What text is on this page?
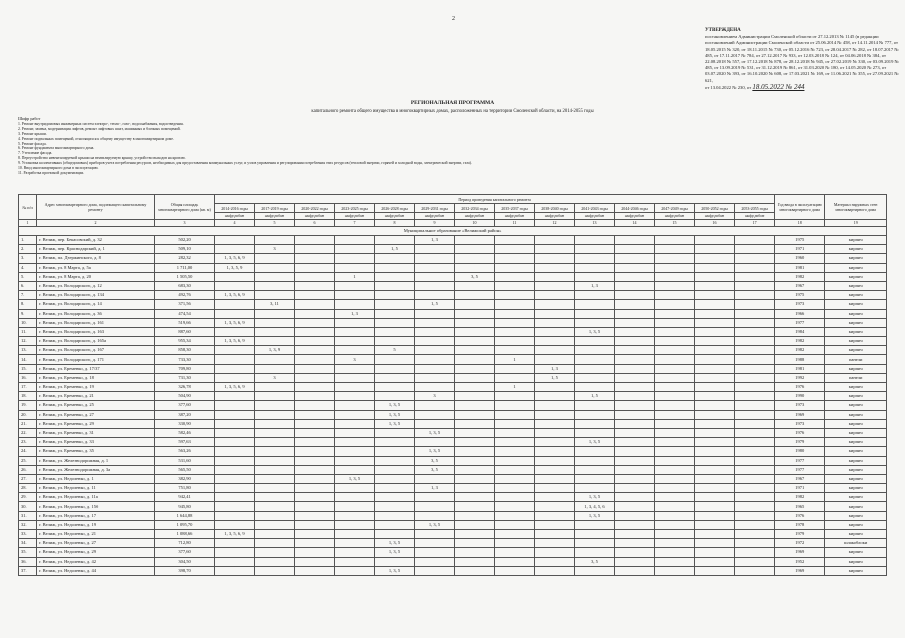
2
УТВЕРЖДЕНА
постановлением Администрации Смоленской области от 27.12.2013 № 1145 (в редакции постановлений Администрации Смоленской области от 25.06.2014 № 458, от 14.11.2014 № 777, от 18.05.2015 № 320, от 18.11.2015 № 730, от 05.12.2016 № 723, от 28.04.2017 № 282, от 18.07.2017 № 485, от 17.11.2017 № 784, от 27.12.2017 № 933, от 12.03.2018 № 124, от 04.06.2018 № 384, от 22.08.2018 № 557, от 17.12.2018 № 878, от 28.12.2018 № 945, от 27.02.2019 № 330, от 03.09.2019 № 485, от 13.09.2019 № 531, от 31.12.2019 № 861, от 31.03.2020 № 180, от 14.05.2020 № 273, от 03.07.2020 № 393, от 16.10.2020 № 608, от 17.03.2021 № 169, от 11.06.2021 № 355, от 27.09.2021 № 621,
от 13.04.2022 № 230, от 18.05.2022 № 244
РЕГИОНАЛЬНАЯ ПРОГРАММА
капитального ремонта общего имущества в многоквартирных домах, расположенных на территории Смоленской области, на 2014-2055 годы
Шифр работ
1. Ремонт внутридомовых инженерных систем электро-, тепло-, газо-, водоснабжения, водоотведения.
2. Ремонт, замена, модернизация лифтов, ремонт лифтовых шахт, машинных и блочных помещений.
3. Ремонт крыши.
4. Ремонт подвальных помещений, относящихся к общему имуществу в многоквартирном доме.
5. Ремонт фасада.
6. Ремонт фундамента многоквартирного дома.
7. Утепление фасада.
8. Переустройство невентилируемой крыши на вентилируемую крышу, устройство выходов на кровлю.
9. Установка коллективных (общедомовых) приборов учета потребления ресурсов, необходимых для предоставления коммунальных услуг, и узлов управления и регулирования потребления этих ресурсов (тепловой энергии, горячей и холодной воды, электрической энергии, газа).
10. Ввод многоквартирного дома в эксплуатацию.
11. Разработка проектной документации.
№ п/п	Адрес многоквартирного дома, подлежащего капитальному ремонту	Общая площадь многоквартирного дома (кв. м)	Период проведения капитального ремонта														Год ввода в эксплуатацию многоквартирного дома	Материал наружных стен многоквартирного дома
			2014-2016 годы	2017-2019 годы	2020-2022 годы	2023-2025 годы	2026-2028 годы	2029-2031 годы	2032-2034 годы	2035-2037 годы	2038-2040 годы	2041-2043 годы	2044-2046 годы	2047-2049 годы	2050-2052 годы	2053-2055 годы		
			шифр работ	шифр работ	шифр работ	шифр работ	шифр работ	шифр работ	шифр работ	шифр работ	шифр работ	шифр работ	шифр работ	шифр работ	шифр работ	шифр работ		
1	2	3	4	5	6	7	8	9	10	11	12	13	14	15	16	17	18	19
Муниципальное образование «Велижский район»																		
1.	г. Велиж, пер. Бекасовский, д. 32	502,20						1, 3									1975	кирпич
2.	г. Велиж, пер. Краснодарский, д. 1	509,10		3			1, 5										1971	кирпич
3.	г. Велиж, пл. Дзержинского, д. 8	282,32	1, 3, 5, 6, 9														1960	кирпич
4.	г. Велиж, ул. 8 Марта, д. 5а	1 711,00	1, 3, 5, 9														1981	кирпич
5.	г. Велиж, ул. 8 Марта, д. 20	1 505,50				1			3, 5								1982	кирпич
6.	г. Велиж, ул. Володарского, д. 12	683,30										1, 3					1967	кирпич
7.	г. Велиж, ул. Володарского, д. 134	492,76	1, 3, 5, 6, 9														1975	кирпич
8.	г. Велиж, ул. Володарского, д. 14	371,56		3, 11				1, 5									1973	кирпич
9.	г. Велиж, ул. Володарского, д. 36	474,54				1, 3											1966	кирпич
10.	г. Велиж, ул. Володарского, д. 161	519,66	1, 3, 5, 6, 9														1977	кирпич
11.	г. Велиж, ул. Володарского, д. 163	887,60										1, 3, 5					1984	кирпич
12.	г. Велиж, ул. Володарского, д. 165а	955,34	1, 3, 5, 6, 9														1982	кирпич
13.	г. Велиж, ул. Володарского, д. 167	858,30		1, 3, 9			5										1982	кирпич
14.	г. Велиж, ул. Володарского, д. 171	733,30				3				1							1988	панели
15.	г. Велиж, ул. Еременко, д. 17/37	709,80									1, 3						1981	кирпич
16.	г. Велиж, ул. Еременко, д. 18	731,30		3							1, 5						1992	панели
17.	г. Велиж, ул. Еременко, д. 19	326,78	1, 3, 5, 6, 9							1							1976	кирпич
18.	г. Велиж, ул. Еременко, д. 21	504,90						3				1, 5					1990	кирпич
19.	г. Велиж, ул. Еременко, д. 25	377,60					1, 3, 5										1973	кирпич
20.	г. Велиж, ул. Еременко, д. 27	387,20					1, 3, 5										1969	кирпич
21.	г. Велиж, ул. Еременко, д. 29	330,90					1, 3, 5										1973	кирпич
22.	г. Велиж, ул. Еременко, д. 31	582,46						1, 3, 5									1976	кирпич
23.	г. Велиж, ул. Еременко, д. 33	597,63										1, 3, 5					1979	кирпич
24.	г. Велиж, ул. Еременко, д. 35	563,26						1, 3, 5									1980	кирпич
25.	г. Велиж, ул. Железнодорожная, д. 1	531,60						3, 5									1977	кирпич
26.	г. Велиж, ул. Железнодорожная, д. 3а	565,50						3, 5									1977	кирпич
27.	г. Велиж, ул. Недоленко, д. 1	382,90				1, 3, 5											1967	кирпич
28.	г. Велиж, ул. Недоленко, д. 11	751,80						1, 3									1971	кирпич
29.	г. Велиж, ул. Недоленко, д. 11а	942,41										1, 3, 5					1982	кирпич
30.	г. Велиж, ул. Недоленко, д. 15б	945,80										1, 3, 4, 5, 6					1965	кирпич
31.	г. Велиж, ул. Недоленко, д. 17	1 644,88										1, 3, 5					1976	кирпич
32.	г. Велиж, ул. Недоленко, д. 19	1 095,70						1, 3, 5									1978	кирпич
33.	г. Велиж, ул. Недоленко, д. 21	1 088,66	1, 3, 5, 6, 9														1979	кирпич
34.	г. Велиж, ул. Недоленко, д. 27	712,80					1, 3, 5										1972	шлакоблоки
35.	г. Велиж, ул. Недоленко, д. 29	377,60					1, 3, 5										1969	кирпич
36.	г. Велиж, ул. Недоленко, д. 42	304,50										3, 5					1952	кирпич
37.	г. Велиж, ул. Недоленко, д. 44	398,70					1, 3, 5										1969	кирпич
